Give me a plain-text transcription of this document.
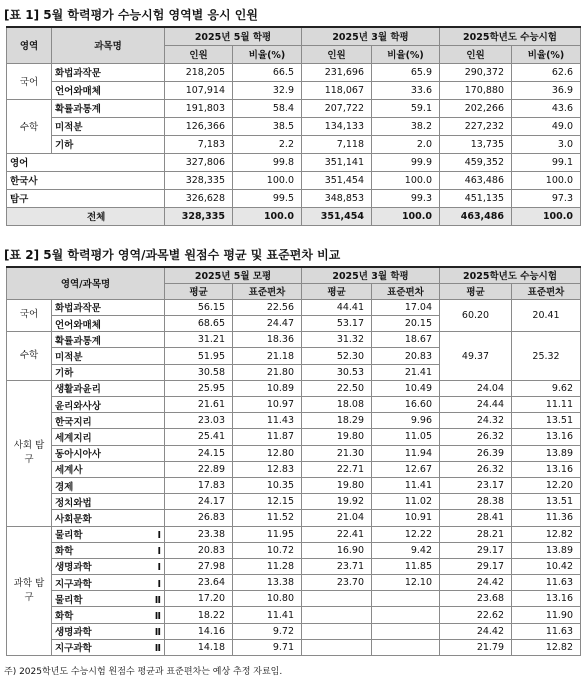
[표 1] 5월 학력평가 수능시험 영역별 응시 인원
영역	과목명	2025년 5월 학평		2025년 3월 학평		2025학년도 수능시험	
		인원	비율(%)	인원	비율(%)	인원	비율(%)
국어	화법과작문	218,205	66.5	231,696	65.9	290,372	62.6
	언어와매체	107,914	32.9	118,067	33.6	170,880	36.9
수학	확률과통계	191,803	58.4	207,722	59.1	202,266	43.6
	미적분	126,366	38.5	134,133	38.2	227,232	49.0
	기하	7,183	2.2	7,118	2.0	13,735	3.0
영어		327,806	99.8	351,141	99.9	459,352	99.1
한국사		328,335	100.0	351,454	100.0	463,486	100.0
탐구		326,628	99.5	348,853	99.3	451,135	97.3
전체		328,335	100.0	351,454	100.0	463,486	100.0
[표 2] 5월 학력평가 영역/과목별 원점수 평균 및 표준편차 비교
영역/과목명		2025년 5월 모평		2025년 3월 학평		2025학년도 수능시험	
		평균	표준편차	평균	표준편차	평균	표준편차
국어	화법과작문	56.15	22.56	44.41	17.04	60.20	20.41
	언어와매체	68.65	24.47	53.17	20.15		
수학	확률과통계	31.21	18.36	31.32	18.67	49.37	25.32
	미적분	51.95	21.18	52.30	20.83		
	기하	30.58	21.80	30.53	21.41		
사회 탐구	생활과윤리	25.95	10.89	22.50	10.49	24.04	9.62
	윤리와사상	21.61	10.97	18.08	16.60	24.44	11.11
	한국지리	23.03	11.43	18.29	9.96	24.32	13.51
	세계지리	25.41	11.87	19.80	11.05	26.32	13.16
	동아시아사	24.15	12.80	21.30	11.94	26.39	13.89
	세계사	22.89	12.83	22.71	12.67	26.32	13.16
	경제	17.83	10.35	19.80	11.41	23.17	12.20
	정치와법	24.17	12.15	19.92	11.02	28.38	13.51
	사회문화	26.83	11.52	21.04	10.91	28.41	11.36
과학 탐구	물리학Ⅰ	23.38	11.95	22.41	12.22	28.21	12.82
	화학Ⅰ	20.83	10.72	16.90	9.42	29.17	13.89
	생명과학Ⅰ	27.98	11.28	23.71	11.85	29.17	10.42
	지구과학Ⅰ	23.64	13.38	23.70	12.10	24.42	11.63
	물리학Ⅱ	17.20	10.80			23.68	13.16
	화학Ⅱ	18.22	11.41			22.62	11.90
	생명과학Ⅱ	14.16	9.72			24.42	11.63
	지구과학Ⅱ	14.18	9.71			21.79	12.82
주) 2025학년도 수능시험 원점수 평균과 표준편차는 예상 추정 자료임.
